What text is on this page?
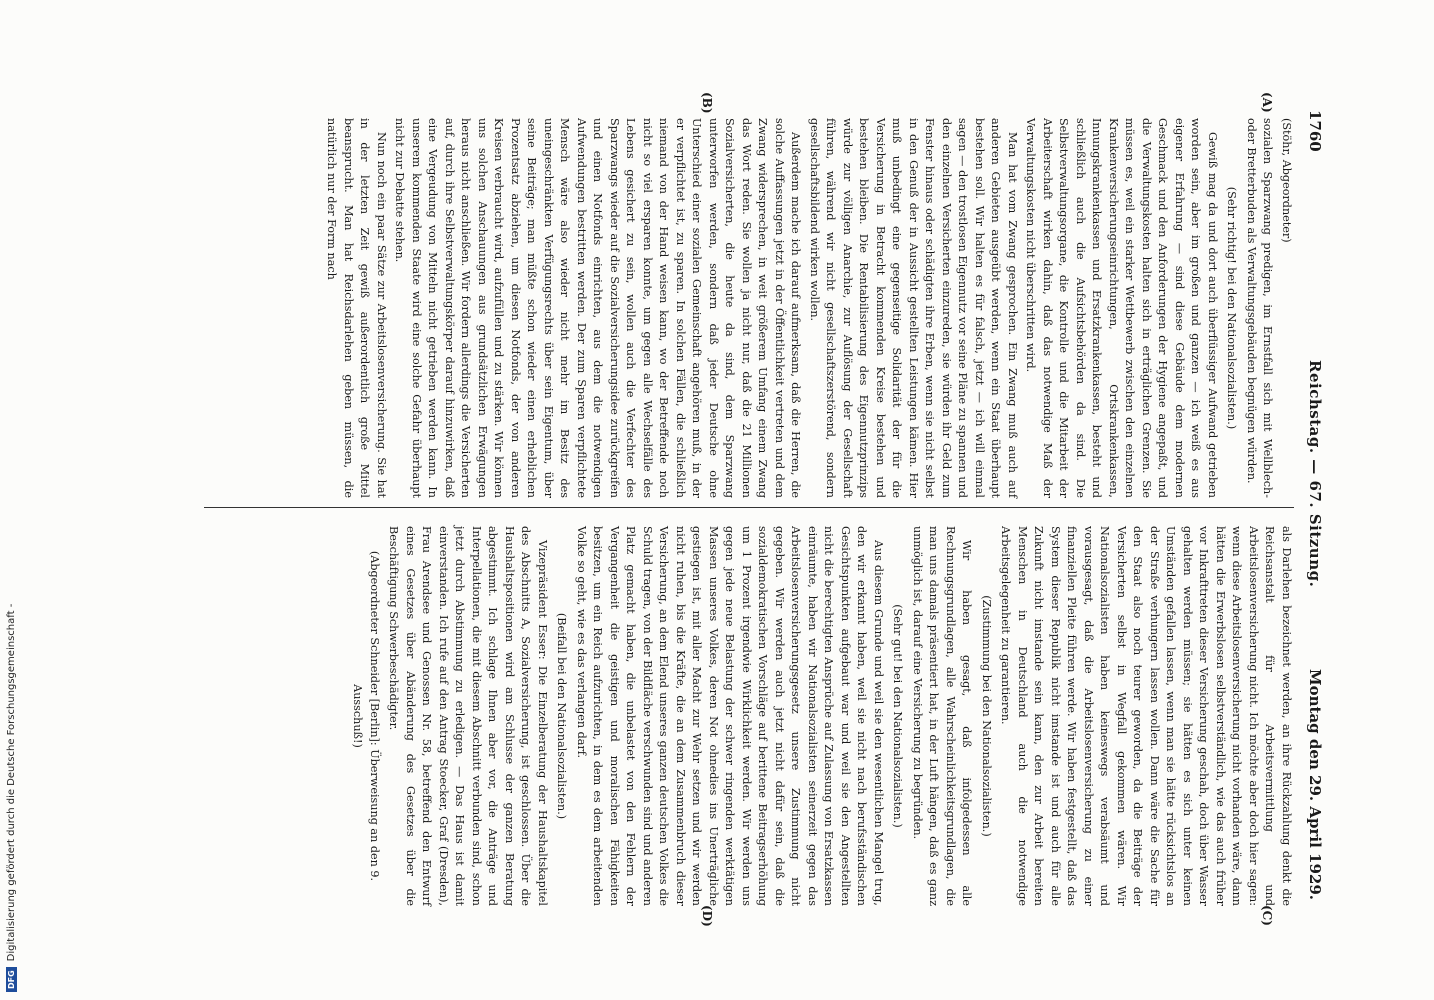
1760
Reichstag. — 67. Sitzung.
Montag den 29. April 1929.
(A)
(B)
(C)
(D)

(Stöhr, Abgeordneter)

sozialen Sparzwang predigen, im Ernstfall sich mit Wellblech- oder Bretterbuden als Verwaltungsgebäuden begnügen würden.

(Sehr richtig! bei den Nationalsozialisten.)

Gewiß mag da und dort auch überflüssiger Aufwand getrieben worden sein, aber im großen und ganzen — ich weiß es aus eigener Erfahrung — sind diese Gebäude dem modernen Geschmack und den Anforderungen der Hygiene angepaßt, und die Verwaltungskosten halten sich in erträglichen Grenzen. Sie müssen es, weil ein starker Wettbewerb zwischen den einzelnen Krankenversicherungseinrichtungen, Ortskrankenkassen, Innungskrankenkassen und Ersatzkrankenkassen, besteht und schließlich auch die Aufsichtsbehörden da sind. Die Selbstverwaltungsorgane, die Kontrolle und die Mitarbeit der Arbeiterschaft wirken dahin, daß das notwendige Maß der Verwaltungskosten nicht überschritten wird.

Man hat vom Zwang gesprochen. Ein Zwang muß auch auf anderen Gebieten ausgeübt werden, wenn ein Staat überhaupt bestehen soll. Wir halten es für falsch, jetzt — ich will einmal sagen — den trostlosen Eigennutz vor seine Pläne zu spannen und den einzelnen Versicherten einzureden, sie würden ihr Geld zum Fenster hinaus oder schädigten ihre Erben, wenn sie nicht selbst in den Genuß der in Aussicht gestellten Leistungen kämen. Hier muß unbedingt eine gegenseitige Solidarität der für die Versicherung in Betracht kommenden Kreise bestehen und bestehen bleiben. Die Rentabilisierung des Eigennutzprinzips würde zur völligen Anarchie, zur Auflösung der Gesellschaft führen, während wir nicht gesellschaftszerstörend, sondern gesellschaftsbildend wirken wollen.

Außerdem mache ich darauf aufmerksam, daß die Herren, die solche Auffassungen jetzt in der Öffentlichkeit vertreten und dem Zwang widersprechen, in weit größerem Umfang einem Zwang das Wort reden. Sie wollen ja nicht nur, daß die 21 Millionen Sozialversicherten, die heute da sind, dem Sparzwang unterworfen werden, sondern daß jeder Deutsche ohne Unterschied einer sozialen Gemeinschaft angehören muß, in der er verpflichtet ist, zu sparen. In solchen Fällen, die schließlich niemand von der Hand weisen kann, wo der Betreffende noch nicht so viel ersparen konnte, um gegen alle Wechselfälle des Lebens gesichert zu sein, wollen auch die Verfechter des Sparzwangs wieder auf die Sozialversicherungsidee zurückgreifen und einen Notfonds einrichten, aus dem die notwendigen Aufwendungen bestritten werden. Der zum Sparen verpflichtete Mensch wäre also wieder nicht mehr im Besitz des uneingeschränkten Verfügungsrechts über sein Eigentum, über seine Beiträge; man müßte schon wieder einen erheblichen Prozentsatz abziehen, um diesen Notfonds, der von anderen Kreisen verbraucht wird, aufzufüllen und zu stärken. Wir können uns solchen Anschauungen aus grundsätzlichen Erwägungen heraus nicht anschließen. Wir fordern allerdings die Versicherten auf, durch ihre Selbstverwaltungskörper darauf hinzuwirken, daß eine Vergeudung von Mitteln nicht getrieben werden kann. In unserem kommenden Staate wird eine solche Gefahr überhaupt nicht zur Debatte stehen.

Nun noch ein paar Sätze zur Arbeitslosenversicherung. Sie hat in der letzten Zeit gewiß außerordentlich große Mittel beansprucht. Man hat Reichsdarlehen geben müssen, die natürlich nur der Form nach

als Darlehen bezeichnet werden, an ihre Rückzahlung denkt die Reichsanstalt für Arbeitsvermittlung und Arbeitslosenversicherung nicht. Ich möchte aber doch hier sagen: wenn diese Arbeitslosenversicherung nicht vorhanden wäre, dann hätten die Erwerbslosen selbstverständlich, wie das auch früher vor Inkrafttreten dieser Versicherung geschah, doch über Wasser gehalten werden müssen; sie hätten es sich unter keinen Umständen gefallen lassen, wenn man sie hätte rücksichtslos an der Straße verhungern lassen wollen. Dann wäre die Sache für den Staat also noch teurer geworden, da die Beiträge der Versicherten selbst in Wegfall gekommen wären. Wir Nationalsozialisten haben keineswegs verabsäumt und vorausgesagt, daß die Arbeitslosenversicherung zu einer finanziellen Pleite führen werde. Wir haben festgestellt, daß das System dieser Republik nicht imstande ist und auch für alle Zukunft nicht imstande sein kann, den zur Arbeit bereiten Menschen in Deutschland auch die notwendige Arbeitsgelegenheit zu garantieren.

(Zustimmung bei den Nationalsozialisten.)

Wir haben gesagt, daß infolgedessen alle Rechnungsgrundlagen, alle Wahrscheinlichkeitsgrundlagen, die man uns damals präsentiert hat, in der Luft hängen, daß es ganz unmöglich ist, darauf eine Versicherung zu begründen.

(Sehr gut! bei den Nationalsozialisten.)

Aus diesem Grunde und weil sie den wesentlichen Mangel trug, den wir erkannt haben, weil sie nicht nach berufsständischen Gesichtspunkten aufgebaut war und weil sie den Angestellten nicht die berechtigten Ansprüche auf Zulassung von Ersatzkassen einräumte, haben wir Nationalsozialisten seinerzeit gegen das Arbeitslosenversicherungsgesetz unsere Zustimmung nicht gegeben. Wir werden auch jetzt nicht dafür sein, daß die sozialdemokratischen Vorschläge auf berittene Beitragserhöhung um 1 Prozent irgendwie Wirklichkeit werden. Wir werden uns gegen jede neue Belastung der schwer ringenden werktätigen Massen unseres Volkes, deren Not ohnedies ins Unerträgliche gestiegen ist, mit aller Macht zur Wehr setzen und wir werden nicht ruhen, bis die Kräfte, die an dem Zusammenbruch dieser Versicherung, an dem Elend unseres ganzen deutschen Volkes die Schuld tragen, von der Bildfläche verschwunden sind und anderen Platz gemacht haben, die unbelastet von den Fehlern der Vergangenheit die geistigen und moralischen Fähigkeiten besitzen, um ein Reich aufzurichten, in dem es dem arbeitenden Volke so geht, wie es das verlangen darf.

(Beifall bei den Nationalsozialisten.)

Vizepräsident Esser: Die Einzelberatung der Haushaltskapitel des Abschnitts A, Sozialversicherung, ist geschlossen. Über die Haushaltspositionen wird am Schlusse der ganzen Beratung abgestimmt. Ich schlage Ihnen aber vor, die Anträge und Interpellationen, die mit diesem Abschnitt verbunden sind, schon jetzt durch Abstimmung zu erledigen. — Das Haus ist damit einverstanden. Ich rufe auf den Antrag Stoecker, Graf (Dresden), Frau Arendsee und Genossen Nr. 58, betreffend den Entwurf eines Gesetzes über Abänderung des Gesetzes über die Beschäftigung Schwerbeschädigter.

(Abgeordneter Schneider [Berlin]: Überweisung an den 9. Ausschuß!)

DFG
Digitalisierung gefördert durch die Deutsche Forschungsgemeinschaft -
